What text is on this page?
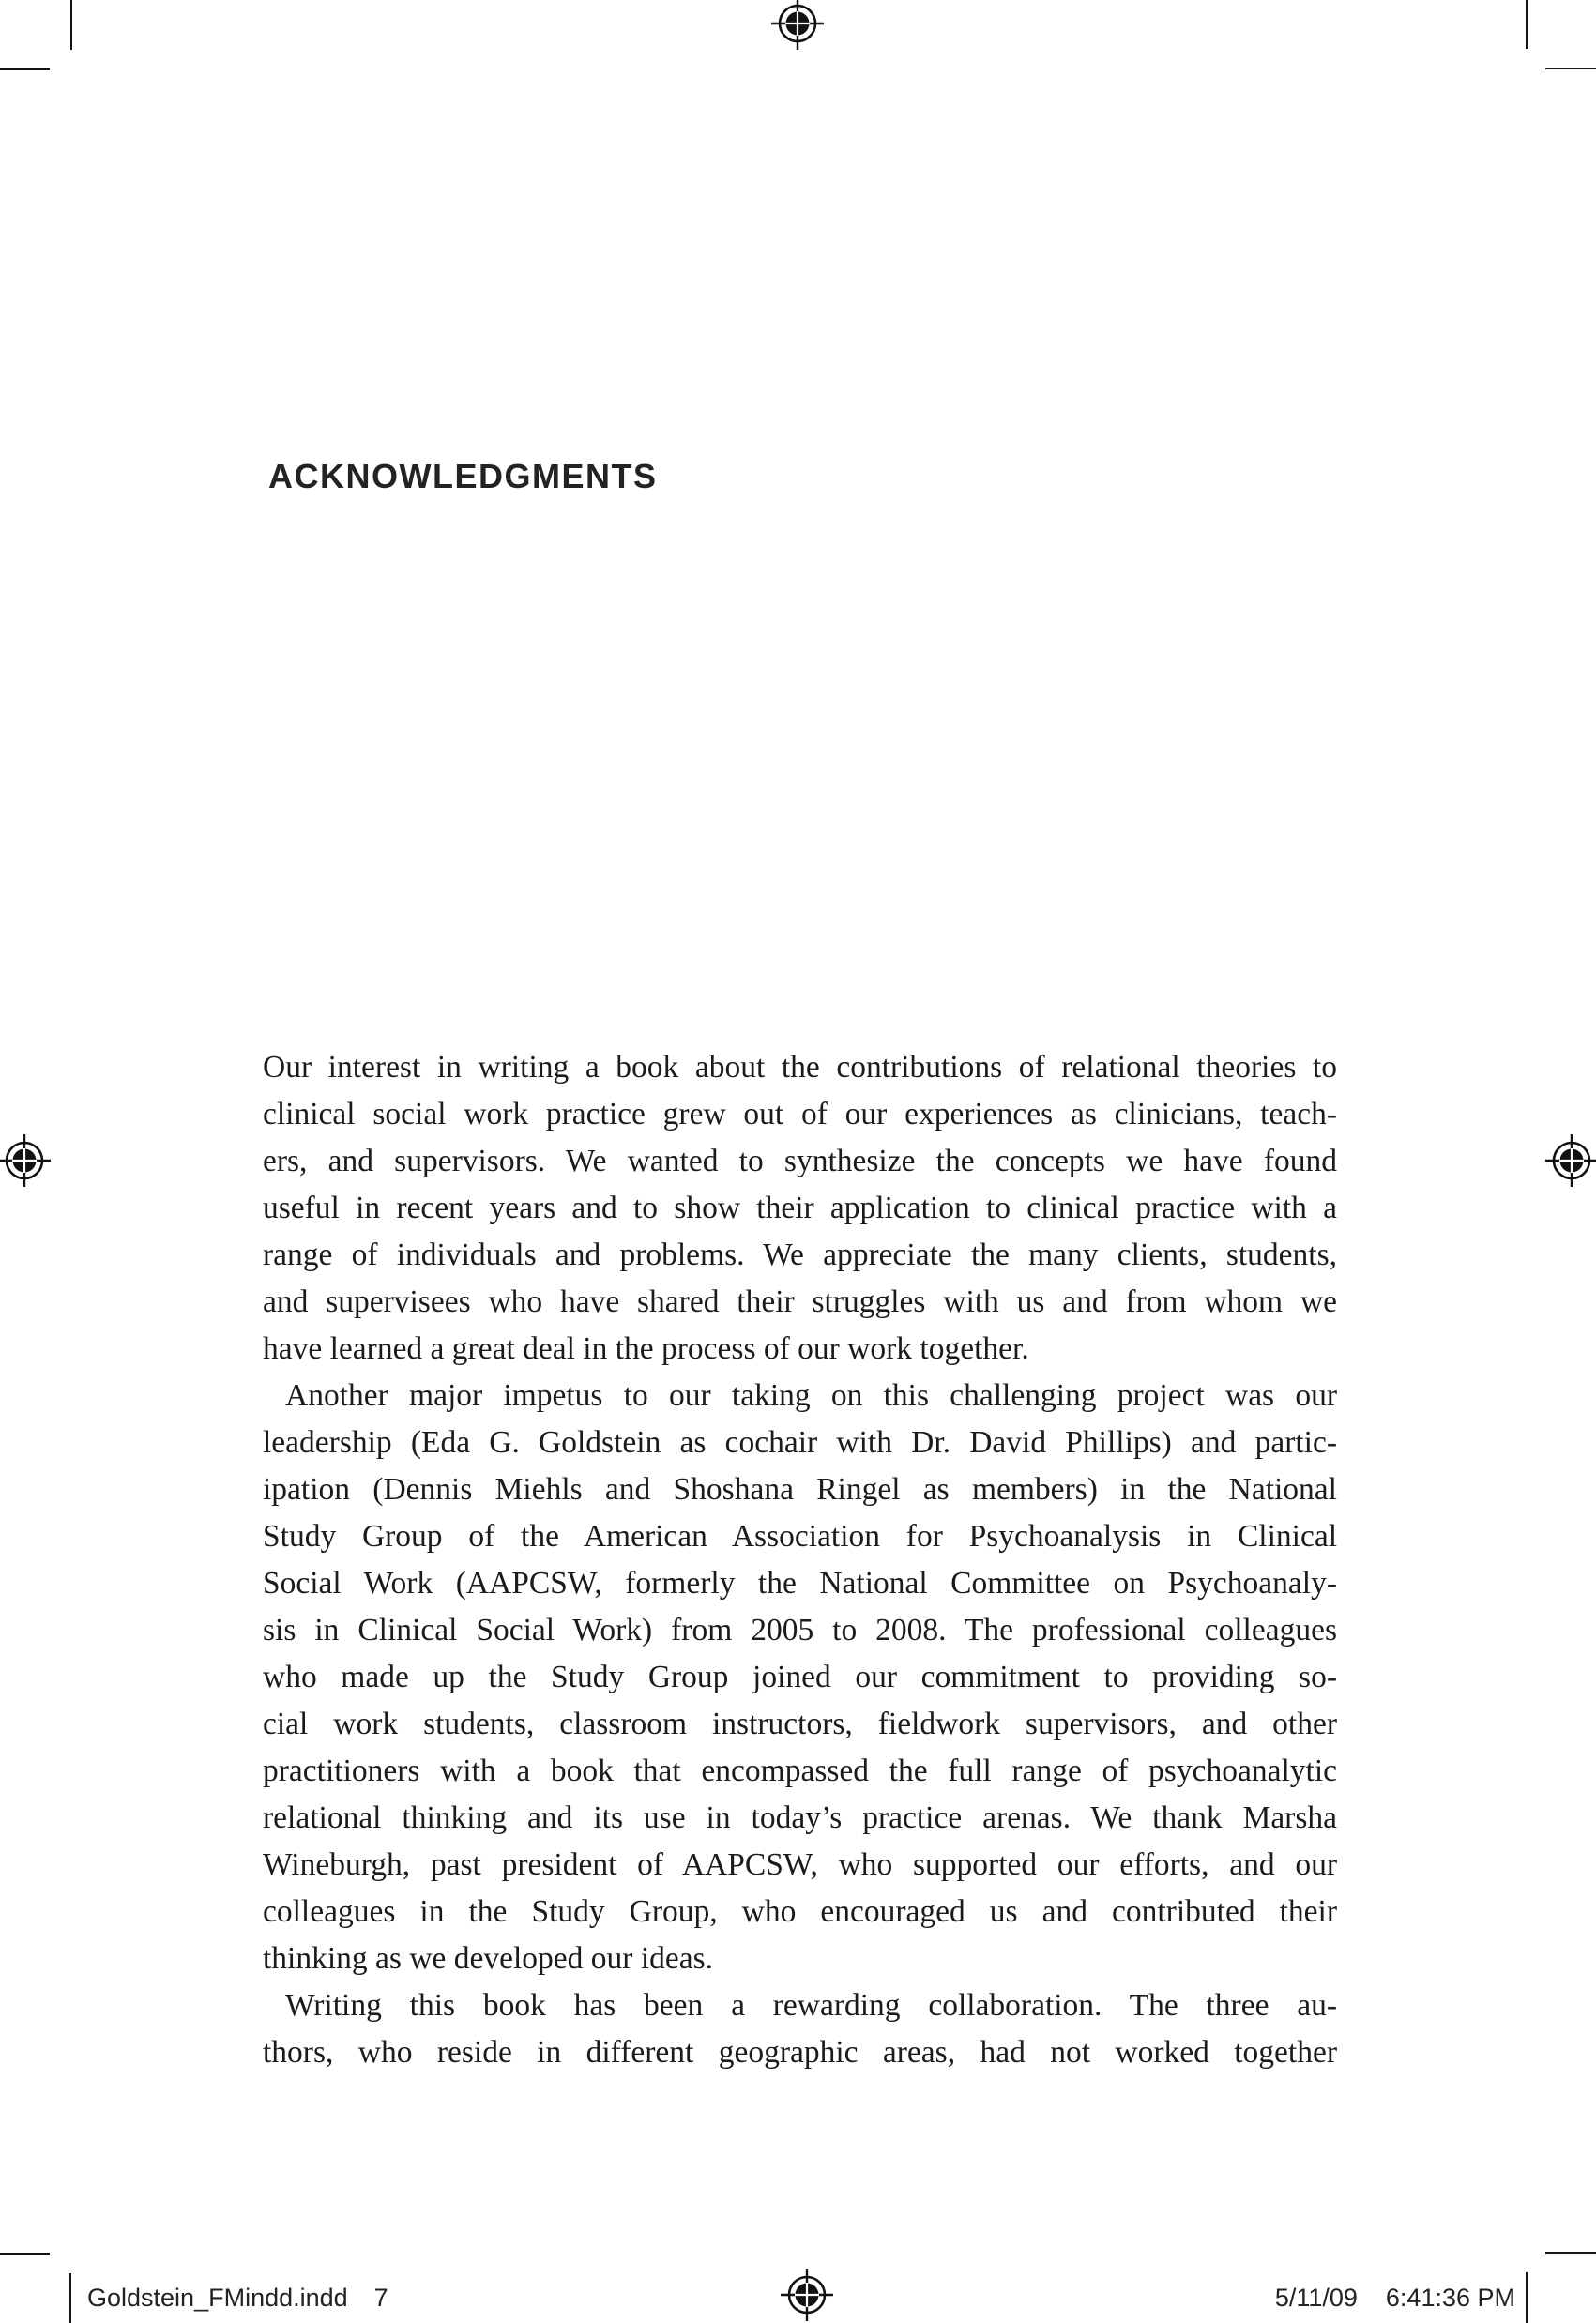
ACKNOWLEDGMENTS
Our interest in writing a book about the contributions of relational theories to
clinical social work practice grew out of our experiences as clinicians, teach-
ers, and supervisors. We wanted to synthesize the concepts we have found
useful in recent years and to show their application to clinical practice with a
range of individuals and problems. We appreciate the many clients, students,
and supervisees who have shared their struggles with us and from whom we
have learned a great deal in the process of our work together.
Another major impetus to our taking on this challenging project was our
leadership (Eda G. Goldstein as cochair with Dr. David Phillips) and partic-
ipation (Dennis Miehls and Shoshana Ringel as members) in the National
Study Group of the American Association for Psychoanalysis in Clinical
Social Work (AAPCSW, formerly the National Committee on Psychoanaly-
sis in Clinical Social Work) from 2005 to 2008. The professional colleagues
who made up the Study Group joined our commitment to providing so-
cial work students, classroom instructors, fieldwork supervisors, and other
practitioners with a book that encompassed the full range of psychoanalytic
relational thinking and its use in today’s practice arenas. We thank Marsha
Wineburgh, past president of AAPCSW, who supported our efforts, and our
colleagues in the Study Group, who encouraged us and contributed their
thinking as we developed our ideas.
Writing this book has been a rewarding collaboration. The three au-
thors, who reside in different geographic areas, had not worked together
Goldstein_FMindd.indd 7	5/11/09 6:41:36 PM
